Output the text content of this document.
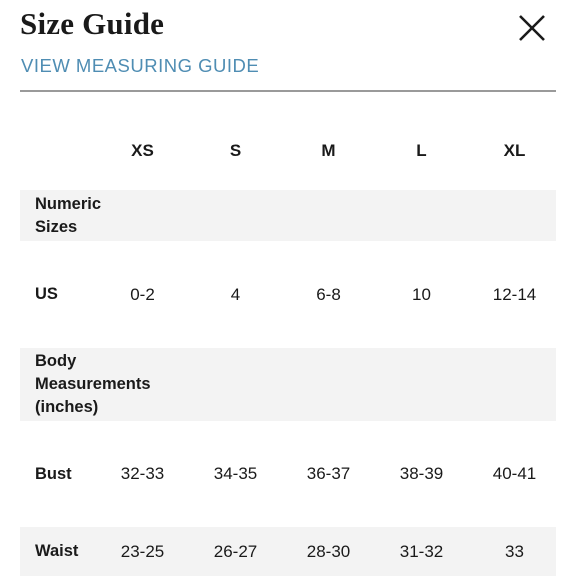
Size Guide
VIEW MEASURING GUIDE
XS	S	M	L	XL
Numeric Sizes
US	0-2	4	6-8	10	12-14
Body Measurements (inches)
Bust	32-33	34-35	36-37	38-39	40-41
Waist	23-25	26-27	28-30	31-32	33
